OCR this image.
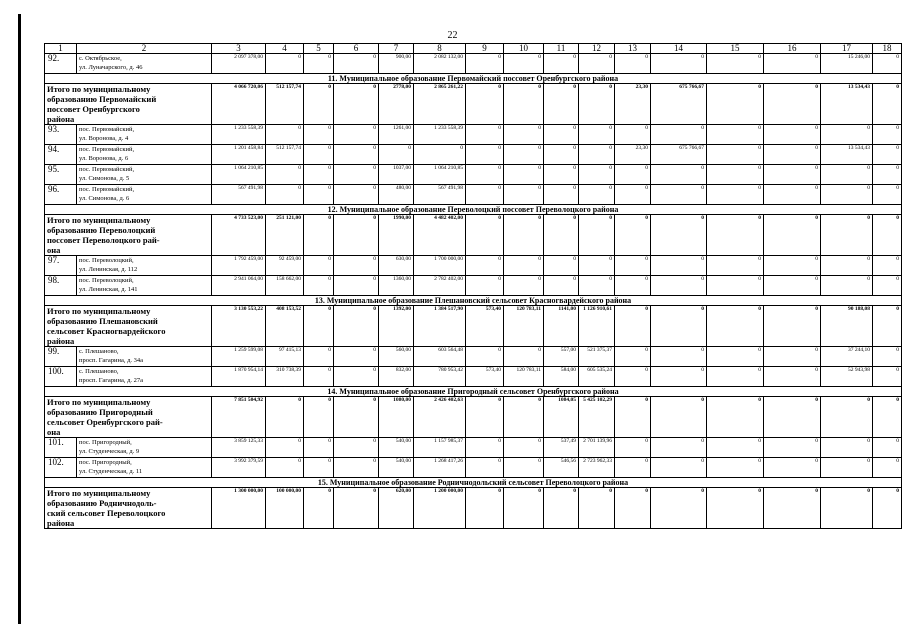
22
1	2	3	4	5	6	7	8	9	10	11	12	13	14	15	16	17	18
92.	с. Октябрьское,
ул. Луначарского, д. 46	2 097 378,00	0	0	0	900,00	2 082 132,00	0	0	0	0	0	0	0	0	15 246,00	0
11. Муниципальное образование Первомайский поссовет Оренбургского района																	
Итого по муниципальному
образованию Первомайский
поссовет Оренбургского
района		4 066 720,06	512 157,74	0	0	2778,00	2 865 261,22	0	0	0	0	23,30	675 766,67	0	0	13 534,43	0
93.	пос. Первомайский,
ул. Воронова, д. 4	1 233 558,39	0	0	0	1261,00	1 233 558,39	0	0	0	0	0	0	0	0	0	0
94.	пос. Первомайский,
ул. Воронова, д. 6	1 201 458,84	512 157,74	0	0	0	0	0	0	0	0	23,30	675 766,67	0	0	13 534,43	0
95.	пос. Первомайский,
ул. Симонова, д. 5	1 064 210,85	0	0	0	1037,00	1 064 210,85	0	0	0	0	0	0	0	0	0	0
96.	пос. Первомайский,
ул. Симонова, д. 6	567 491,98	0	0	0	480,00	567 491,98	0	0	0	0	0	0	0	0	0	0
12. Муниципальное образование Переволоцкий поссовет Переволоцкого района																	
Итого по муниципальному
образованию Переволоцкий
поссовет Переволоцкого рай-
она		4 733 523,00	251 121,00	0	0	1990,00	4 482 402,00	0	0	0	0	0	0	0	0	0	0
97.	пос. Переволоцкий,
ул. Ленинская, д. 112	1 792 459,00	92 459,00	0	0	630,00	1 700 000,00	0	0	0	0	0	0	0	0	0	0
98.	пос. Переволоцкий,
ул. Ленинская, д. 141	2 941 064,00	158 662,00	0	0	1360,00	2 782 402,00	0	0	0	0	0	0	0	0	0	0
13. Муниципальное образование Плешановский сельсовет Красногвардейского района																	
Итого по муниципальному
образованию Плешановский
сельсовет Красногвардейского
района		3 130 553,22	408 153,52	0	0	1392,00	1 384 517,90	573,40	120 783,11	1141,00	1 126 910,61	0	0	0	0	90 188,08	0
99.	с. Плешаново,
просп. Гагарина, д. 34а	1 259 599,08	97 415,13	0	0	560,00	603 564,48	0	0	557,00	521 375,37	0	0	0	0	37 244,10	0
100.	с. Плешаново,
просп. Гагарина, д. 27а	1 870 954,14	310 738,39	0	0	832,00	780 953,42	573,40	120 783,11	584,00	605 535,24	0	0	0	0	52 943,98	0
14. Муниципальное образование Пригородный сельсовет Оренбургского района																	
Итого по муниципальному
образованию Пригородный
сельсовет Оренбургского рай-
она		7 851 504,92	0	0	0	1080,00	2 426 402,63	0	0	1084,05	5 425 102,29	0	0	0	0	0	0
101.	пос. Пригородный,
ул. Студенческая, д. 9	3 859 125,33	0	0	0	540,00	1 157 985,37	0	0	537,49	2 701 139,96	0	0	0	0	0	0
102.	пос. Пригородный,
ул. Студенческая, д. 11	3 992 379,59	0	0	0	540,00	1 268 417,26	0	0	546,56	2 723 962,33	0	0	0	0	0	0
15. Муниципальное образование Родничнодольский сельсовет Переволоцкого района																	
Итого по муниципальному
образованию Родничнодоль-
ский сельсовет Переволоцкого
района		1 300 000,00	100 000,00	0	0	620,00	1 200 000,00	0	0	0	0	0	0	0	0	0	0
